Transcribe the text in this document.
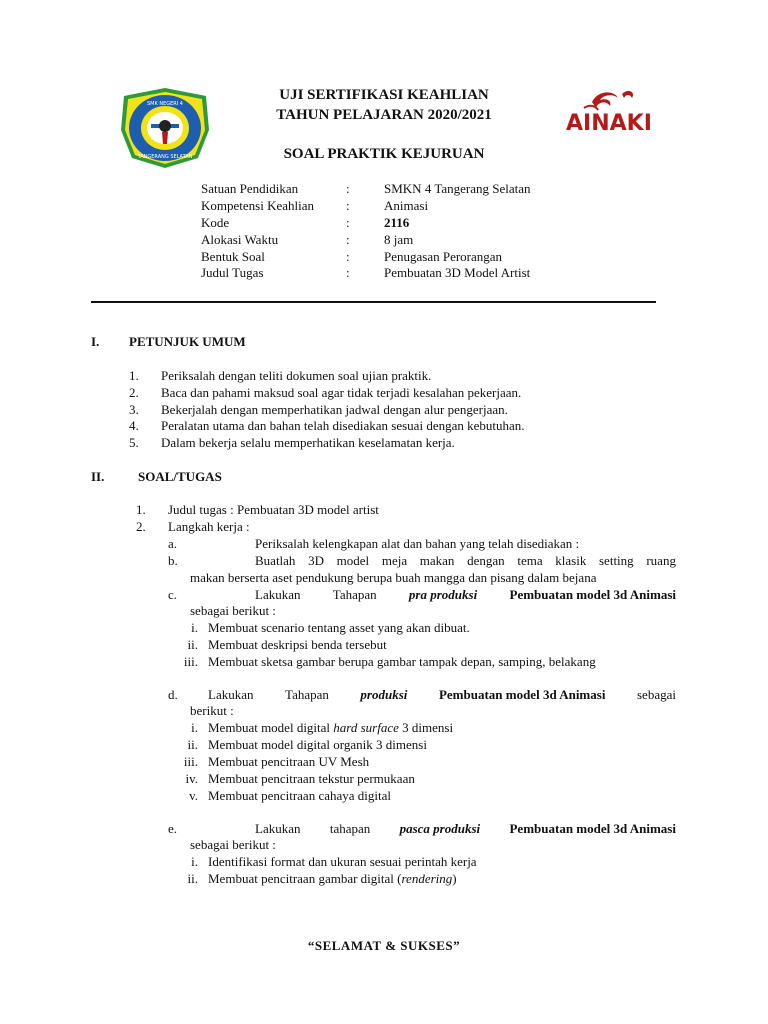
SMK NEGERI 4
TANGERANG SELATAN
AINAKI
UJI SERTIFIKASI KEAHLIAN
TAHUN PELAJARAN 2020/2021
SOAL PRAKTIK KEJURUAN
Satuan Pendidikan	:	SMKN 4 Tangerang Selatan
Kompetensi Keahlian :	Animasi
Kode	:	2116
Alokasi Waktu	:	8 jam
Bentuk Soal	:	Penugasan Perorangan
Judul Tugas	:	Pembuatan 3D Model Artist
I. PETUNJUK UMUM
1. Periksalah dengan teliti dokumen soal ujian praktik.
2. Baca dan pahami maksud soal agar tidak terjadi kesalahan pekerjaan.
3. Bekerjalah dengan memperhatikan jadwal dengan alur pengerjaan.
4. Peralatan utama dan bahan telah disediakan sesuai dengan kebutuhan.
5. Dalam bekerja selalu memperhatikan keselamatan kerja.
II.	SOAL/TUGAS
1. Judul tugas : Pembuatan 3D model artist
2. Langkah kerja :
a.	Periksalah kelengkapan alat dan bahan yang telah disediakan :
b.	Buatlah 3D model meja makan dengan tema klasik setting ruang
makan berserta aset pendukung berupa buah mangga dan pisang dalam bejana
c.	Lakukan Tahapan pra produksi Pembuatan model 3d Animasi
sebagai berikut :
i. Membuat scenario tentang asset yang akan dibuat.
ii. Membuat deskripsi benda tersebut
iii. Membuat sketsa gambar berupa gambar tampak depan, samping, belakang
d. Lakukan Tahapan produksi Pembuatan model 3d Animasi sebagai
berikut :
i. Membuat model digital hard surface 3 dimensi
ii. Membuat model digital organik 3 dimensi
iii. Membuat pencitraan UV Mesh
iv. Membuat pencitraan tekstur permukaan
v. Membuat pencitraan cahaya digital
e.	Lakukan tahapan pasca produksi Pembuatan model 3d Animasi
sebagai berikut :
i. Identifikasi format dan ukuran sesuai perintah kerja
ii. Membuat pencitraan gambar digital (rendering)
“SELAMAT & SUKSES”
